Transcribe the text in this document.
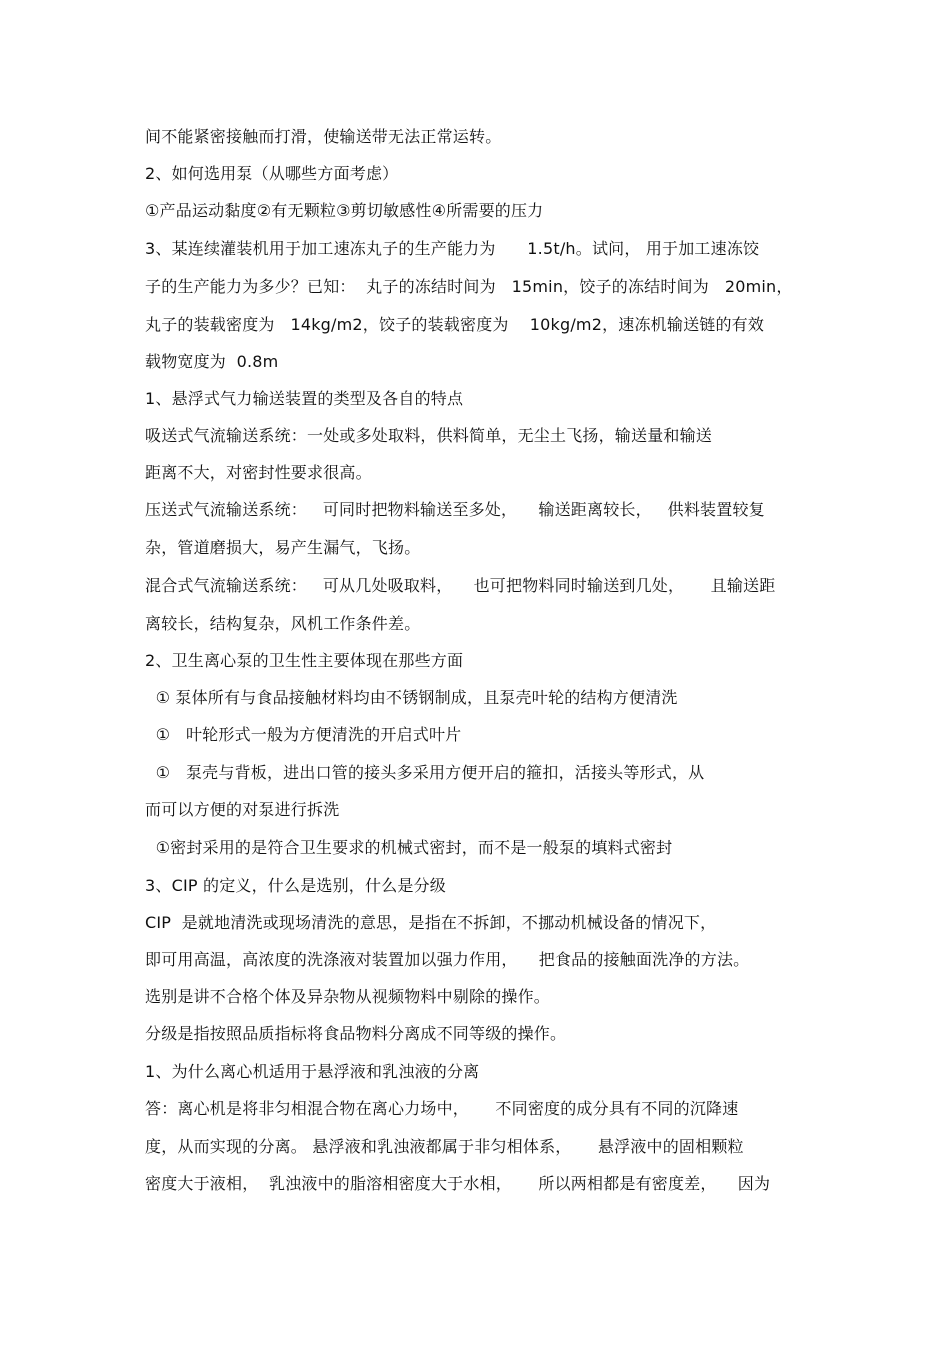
间不能紧密接触而打滑，使输送带无法正常运转。
2、如何选用泵（从哪些方面考虑）
①产品运动黏度②有无颗粒③剪切敏感性④所需要的压力
3、某连续灌装机用于加工速冻丸子的生产能力为      1.5t/h。试问， 用于加工速冻饺
子的生产能力为多少？已知：  丸子的冻结时间为   15min，饺子的冻结时间为   20min，
丸子的装载密度为   14kg/m2，饺子的装载密度为    10kg/m2，速冻机输送链的有效
载物宽度为  0.8m
1、悬浮式气力输送装置的类型及各自的特点
吸送式气流输送系统：一处或多处取料，供料简单，无尘土飞扬，输送量和输送
距离不大，对密封性要求很高。
压送式气流输送系统：   可同时把物料输送至多处，    输送距离较长，   供料装置较复
杂，管道磨损大，易产生漏气，飞扬。
混合式气流输送系统：   可从几处吸取料，    也可把物料同时输送到几处，     且输送距
离较长，结构复杂，风机工作条件差。
2、卫生离心泵的卫生性主要体现在那些方面
① 泵体所有与食品接触材料均由不锈钢制成，且泵壳叶轮的结构方便清洗
①   叶轮形式一般为方便清洗的开启式叶片
①   泵壳与背板，进出口管的接头多采用方便开启的箍扣，活接头等形式，从
而可以方便的对泵进行拆洗
①密封采用的是符合卫生要求的机械式密封，而不是一般泵的填料式密封
3、CIP 的定义，什么是选别，什么是分级
CIP  是就地清洗或现场清洗的意思，是指在不拆卸，不挪动机械设备的情况下，
即可用高温，高浓度的洗涤液对装置加以强力作用，    把食品的接触面洗净的方法。
选别是讲不合格个体及异杂物从视频物料中剔除的操作。
分级是指按照品质指标将食品物料分离成不同等级的操作。
1、为什么离心机适用于悬浮液和乳浊液的分离
答：离心机是将非匀相混合物在离心力场中，     不同密度的成分具有不同的沉降速
度，从而实现的分离。 悬浮液和乳浊液都属于非匀相体系，     悬浮液中的固相颗粒
密度大于液相，  乳浊液中的脂溶相密度大于水相，     所以两相都是有密度差，    因为
